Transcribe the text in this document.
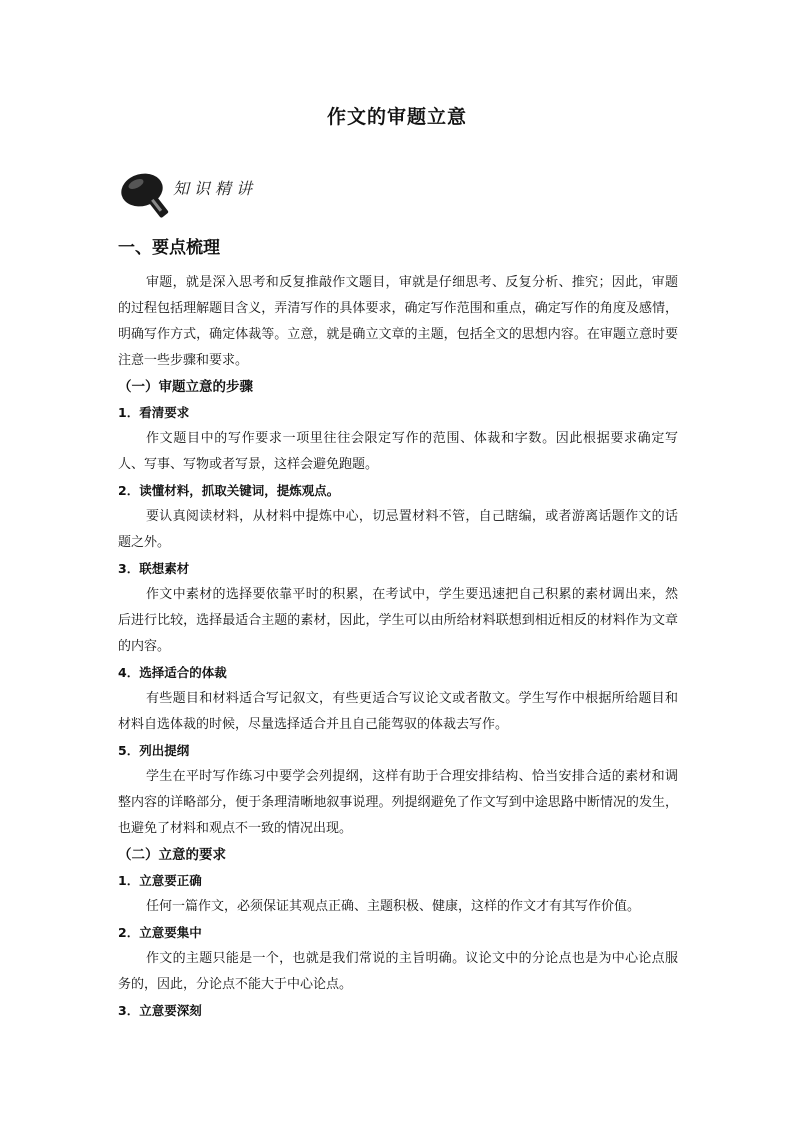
作文的审题立意
知识精讲
一、要点梳理

审题，就是深入思考和反复推敲作文题目，审就是仔细思考、反复分析、推究；因此，审题的过程包括理解题目含义，弄清写作的具体要求，确定写作范围和重点，确定写作的角度及感情，明确写作方式，确定体裁等。立意，就是确立文章的主题，包括全文的思想内容。在审题立意时要注意一些步骤和要求。

（一）审题立意的步骤
1．看清要求

作文题目中的写作要求一项里往往会限定写作的范围、体裁和字数。因此根据要求确定写人、写事、写物或者写景，这样会避免跑题。

2．读懂材料，抓取关键词，提炼观点。

要认真阅读材料，从材料中提炼中心，切忌置材料不管，自己瞎编，或者游离话题作文的话题之外。

3．联想素材

作文中素材的选择要依靠平时的积累，在考试中，学生要迅速把自己积累的素材调出来，然后进行比较，选择最适合主题的素材，因此，学生可以由所给材料联想到相近相反的材料作为文章的内容。

4．选择适合的体裁

有些题目和材料适合写记叙文，有些更适合写议论文或者散文。学生写作中根据所给题目和材料自选体裁的时候，尽量选择适合并且自己能驾驭的体裁去写作。

5．列出提纲

学生在平时写作练习中要学会列提纲，这样有助于合理安排结构、恰当安排合适的素材和调整内容的详略部分，便于条理清晰地叙事说理。列提纲避免了作文写到中途思路中断情况的发生，也避免了材料和观点不一致的情况出现。

（二）立意的要求
1．立意要正确

任何一篇作文，必须保证其观点正确、主题积极、健康，这样的作文才有其写作价值。

2．立意要集中

作文的主题只能是一个，也就是我们常说的主旨明确。议论文中的分论点也是为中心论点服务的，因此，分论点不能大于中心论点。

3．立意要深刻
